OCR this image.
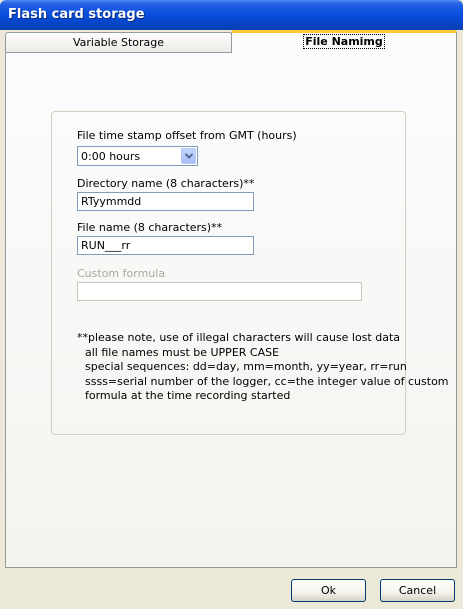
Flash card storage
Variable Storage	File Namimg
File time stamp offset from GMT (hours)
0:00 hours
Directory name (8 characters)**
RTyymmdd
File name (8 characters)**
RUN___rr
Custom formula
**please note, use of illegal characters will cause lost data
all file names must be UPPER CASE
special sequences: dd=day, mm=month, yy=year, rr=run
ssss=serial number of the logger, cc=the integer value of custom
formula at the time recording started
Ok	Cancel
